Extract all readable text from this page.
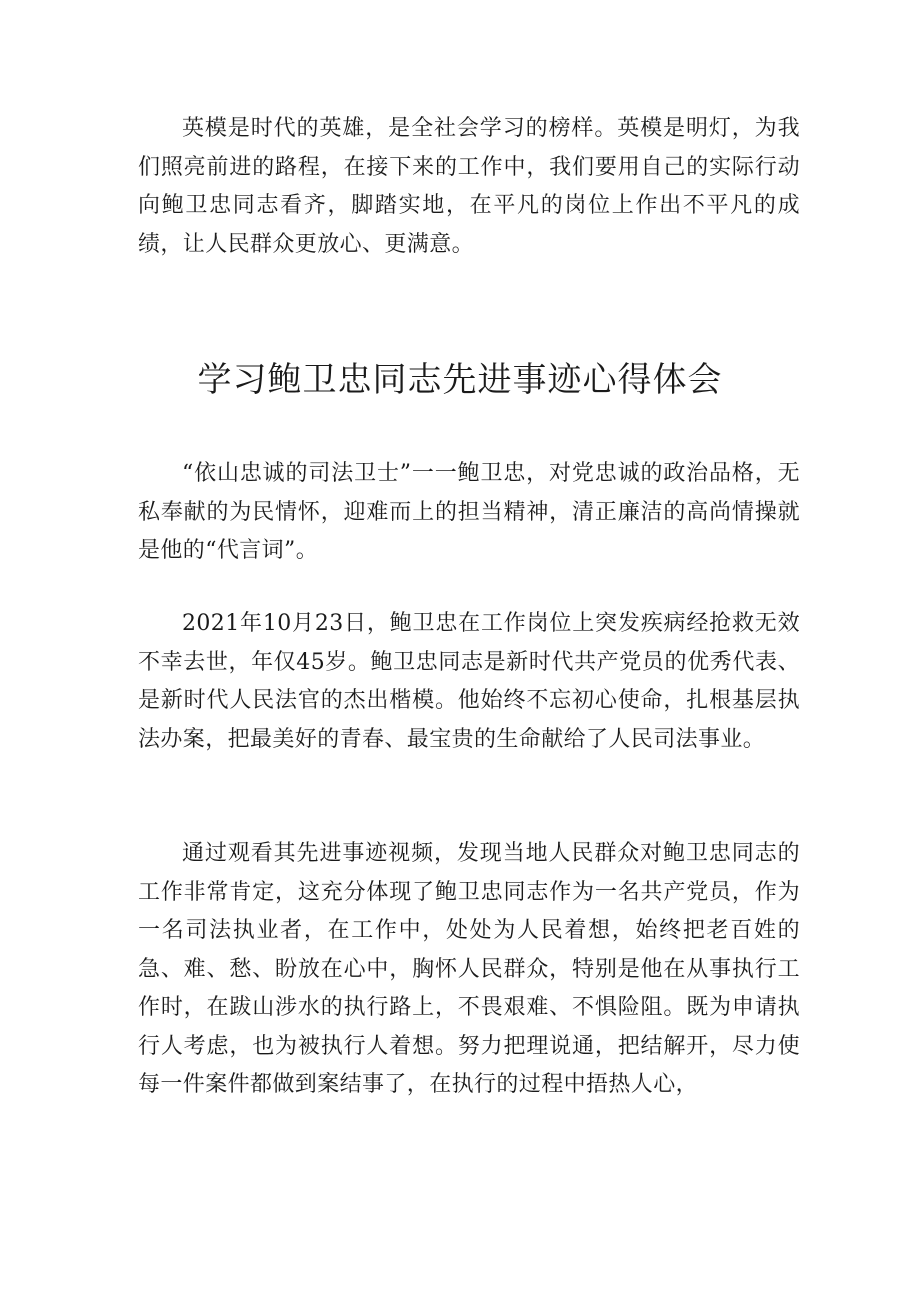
英模是时代的英雄，是全社会学习的榜样。英模是明灯，为我们照亮前进的路程，在接下来的工作中，我们要用自己的实际行动向鲍卫忠同志看齐，脚踏实地，在平凡的岗位上作出不平凡的成绩，让人民群众更放心、更满意。

学习鲍卫忠同志先进事迹心得体会

“依山忠诚的司法卫士”一一鲍卫忠，对党忠诚的政治品格，无私奉献的为民情怀，迎难而上的担当精神，清正廉洁的高尚情操就是他的“代言词”。

2021年10月23日，鲍卫忠在工作岗位上突发疾病经抢救无效不幸去世，年仅45岁。鲍卫忠同志是新时代共产党员的优秀代表、是新时代人民法官的杰出楷模。他始终不忘初心使命，扎根基层执法办案，把最美好的青春、最宝贵的生命献给了人民司法事业。

通过观看其先进事迹视频，发现当地人民群众对鲍卫忠同志的工作非常肯定，这充分体现了鲍卫忠同志作为一名共产党员，作为一名司法执业者，在工作中，处处为人民着想，始终把老百姓的急、难、愁、盼放在心中，胸怀人民群众，特别是他在从事执行工作时，在跋山涉水的执行路上，不畏艰难、不惧险阻。既为申请执行人考虑，也为被执行人着想。努力把理说通，把结解开，尽力使每一件案件都做到案结事了，在执行的过程中捂热人心，
